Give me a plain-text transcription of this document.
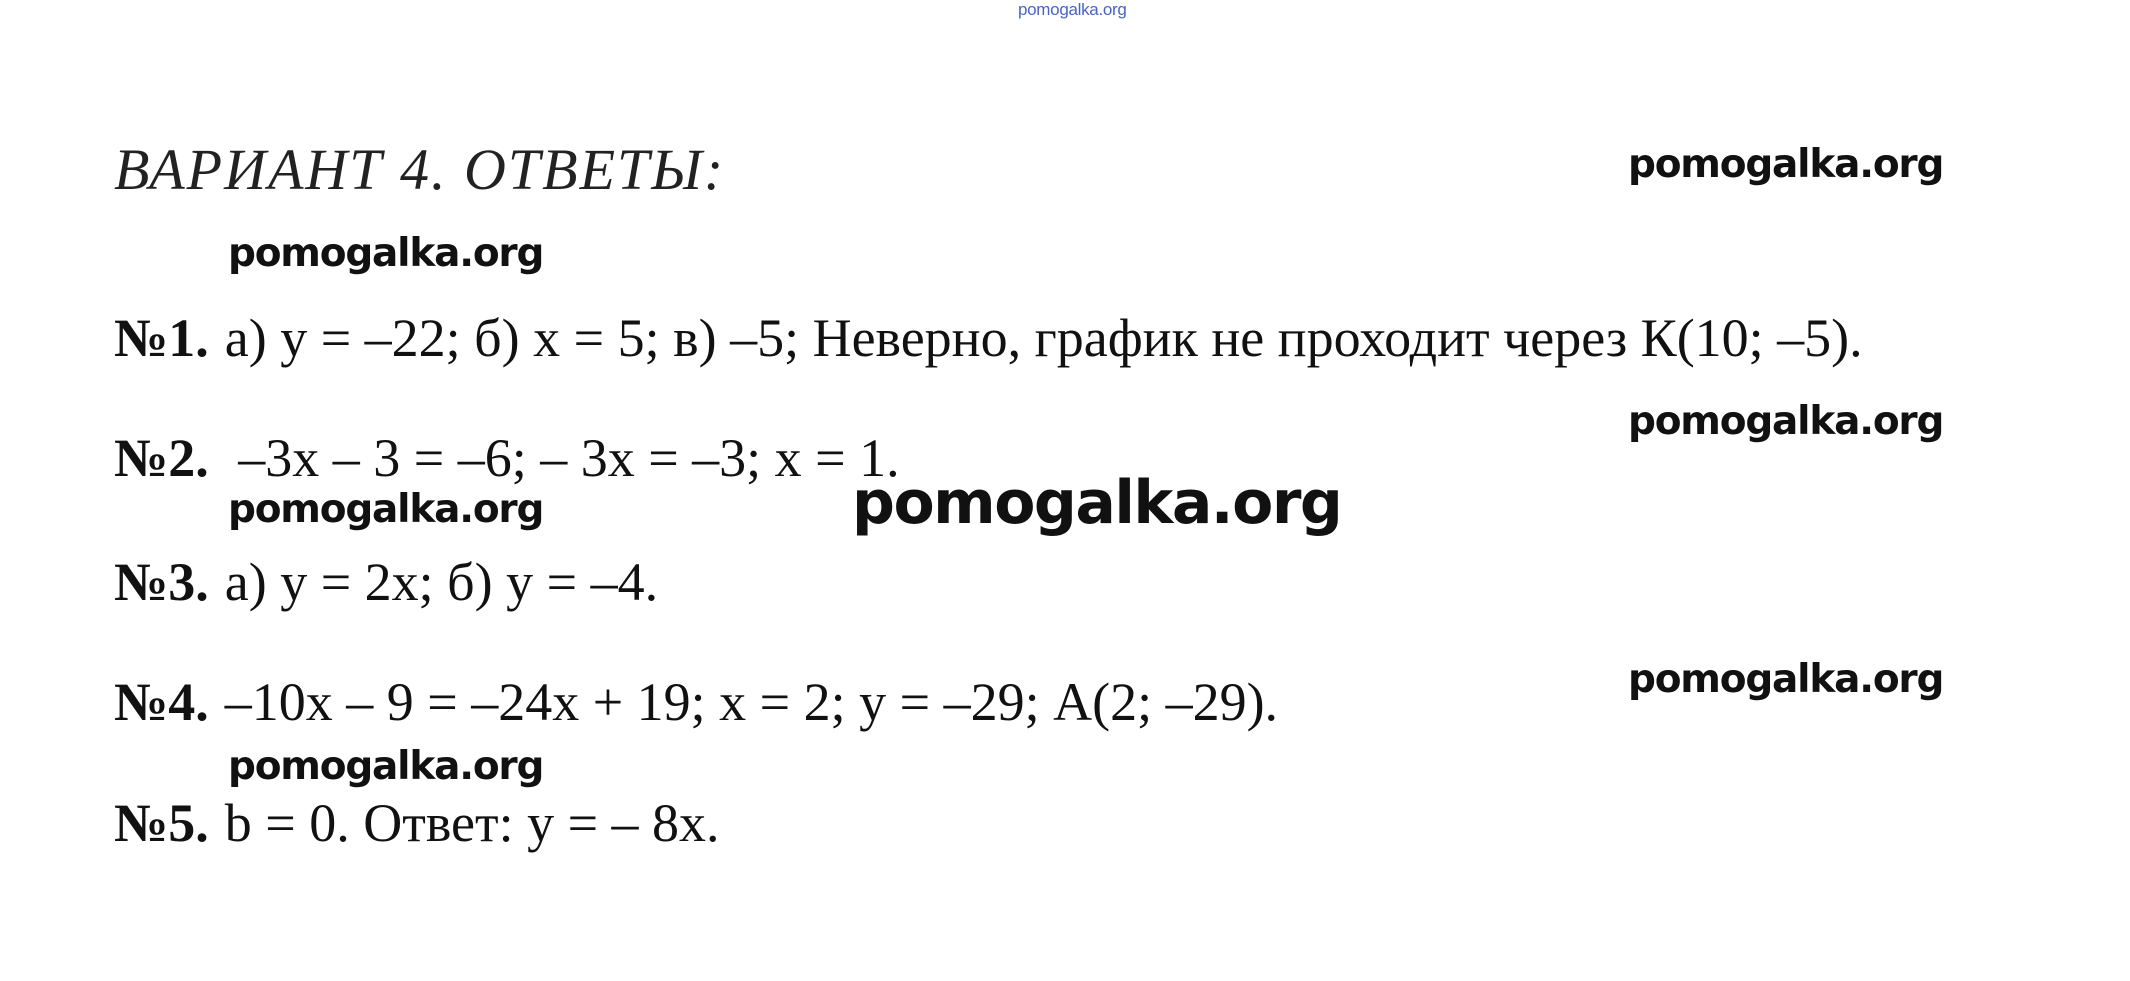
pomogalka.org
ВАРИАНТ 4. ОТВЕТЫ:	pomogalka.org
pomogalka.org
pomogalka.org
pomogalka.org	pomogalka.org
pomogalka.org
pomogalka.org
№1. а) у = –22; б) х = 5; в) –5; Неверно, график не проходит через К(10; –5).
№2. –3х – 3 = –6; – 3х = –3; х = 1.
№3. а) у = 2х; б) у = –4.
№4. –10х – 9 = –24х + 19; х = 2; у = –29; А(2; –29).
№5. b = 0. Ответ: у = – 8х.
